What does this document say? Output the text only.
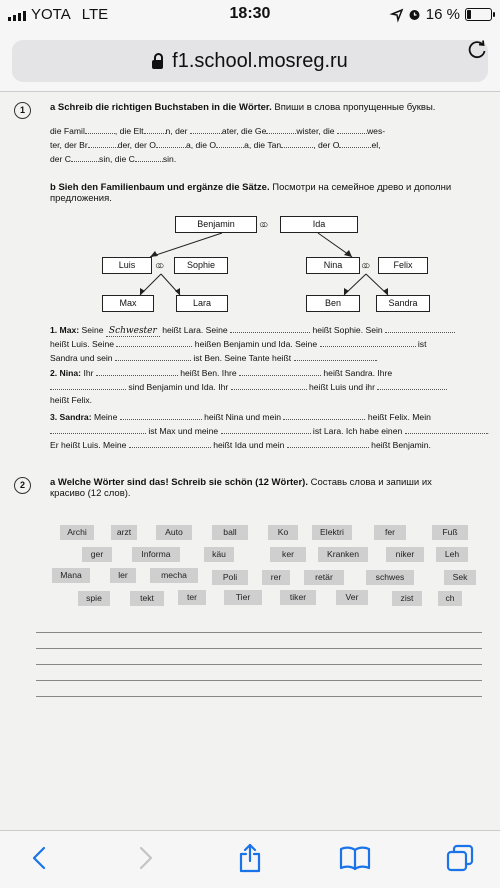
YOTA LTE	18:30	16 %
f1.school.mosreg.ru
1	a Schreib die richtigen Buchstaben in die Wörter. Впиши в слова пропущенные буквы.
die Famil	, die Elt	n, der	ater, die Ge	wister, die	wes-
ter, der Br	der, der O	a, die O	a, die Tan	, der O	el,
der C	sin, die C	sin.
b Sieh den Familienbaum und ergänze die Sätze. Посмотри на семейное древо и дополни
предложения.
Benjamin	○○	Ida
Luis	○○	Sophie	Nina	○○	Felix
Max	Lara	Ben	Sandra
1. Max: Seine Schwester heißt Lara. Seine	heißt Sophie. Sein
heißt Luis. Seine	heißen Benjamin und Ida. Seine	ist
Sandra und sein	ist Ben. Seine Tante heißt	.
2. Nina: Ihr	heißt Ben. Ihre	heißt Sandra. Ihre
sind Benjamin und Ida. Ihr	heißt Luis und ihr
heißt Felix.
3. Sandra: Meine	heißt Nina und mein	heißt Felix. Mein
ist Max und meine	ist Lara. Ich habe einen	.
Er heißt Luis. Meine	heißt Ida und mein	heißt Benjamin.
2	a Welche Wörter sind das! Schreib sie schön (12 Wörter). Составь слова и запиши их
красиво (12 слов).
Archi	arzt	Auto	ball	Ko	Elektri	fer	Fuß
ger	Informa	käu	ker	Kranken	niker	Leh
Mana	ler	mecha	Poli	rer	retär	schwes	Sek
spie	tekt	ter	Tier	tiker	Ver	zist	ch
